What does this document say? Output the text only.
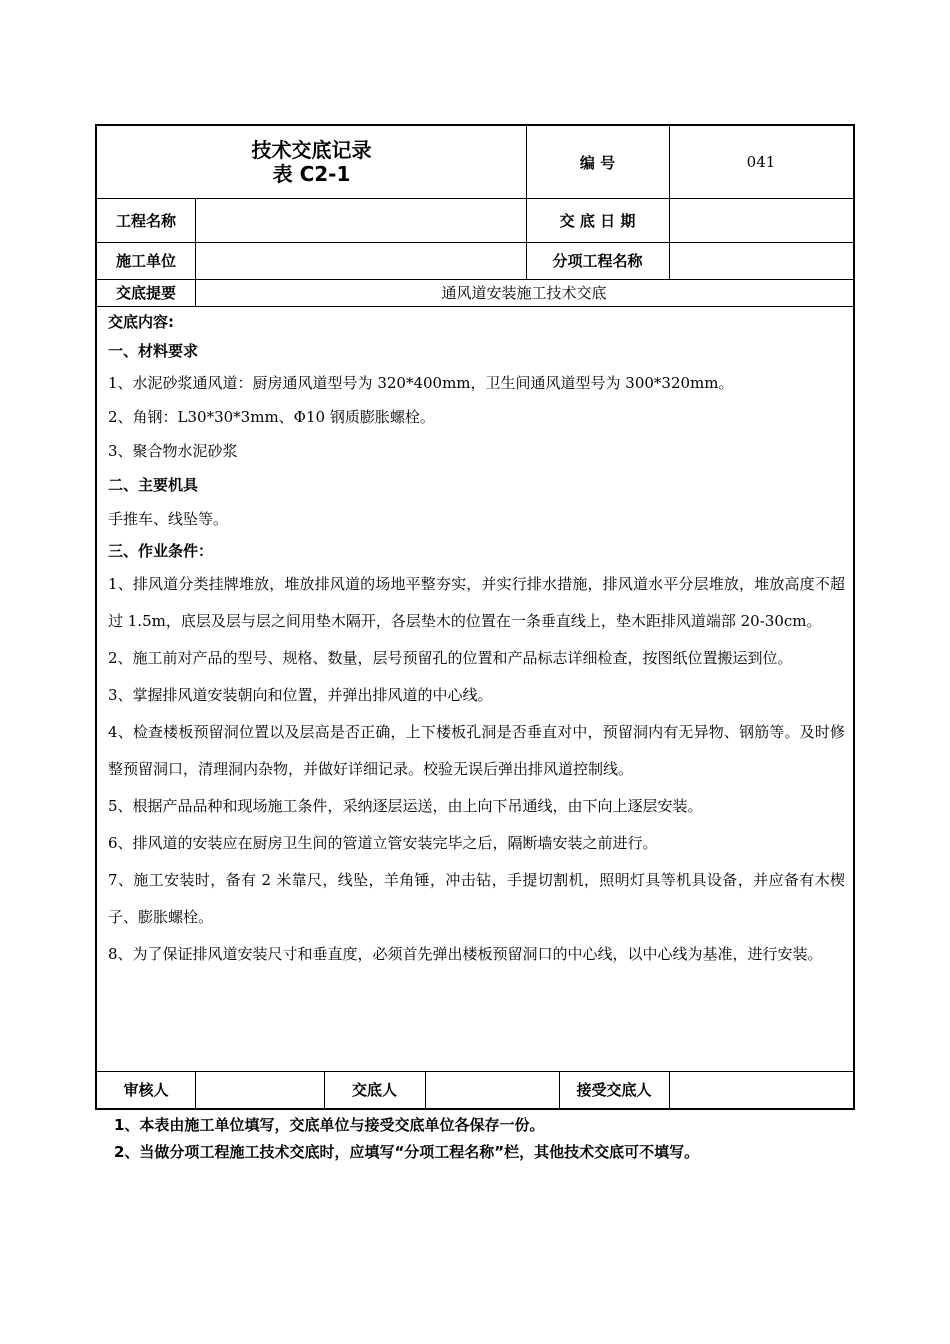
技术交底记录
表 C2-1	编 号	041
工程名称	交 底 日 期
施工单位	分项工程名称
交底提要	通风道安装施工技术交底
交底内容:
一、材料要求
1、水泥砂浆通风道：厨房通风道型号为 320*400mm，卫生间通风道型号为 300*320mm。
2、角钢：L30*30*3mm、Φ10 钢质膨胀螺栓。
3、聚合物水泥砂浆
二、主要机具
手推车、线坠等。
三、作业条件：
1、排风道分类挂牌堆放，堆放排风道的场地平整夯实，并实行排水措施，排风道水平分层堆放，堆放高度不超过 1.5m，底层及层与层之间用垫木隔开，各层垫木的位置在一条垂直线上，垫木距排风道端部 20-30cm。
2、施工前对产品的型号、规格、数量，层号预留孔的位置和产品标志详细检查，按图纸位置搬运到位。
3、掌握排风道安装朝向和位置，并弹出排风道的中心线。
4、检查楼板预留洞位置以及层高是否正确，上下楼板孔洞是否垂直对中，预留洞内有无异物、钢筋等。及时修整预留洞口，清理洞内杂物，并做好详细记录。校验无误后弹出排风道控制线。
5、根据产品品种和现场施工条件，采纳逐层运送，由上向下吊通线，由下向上逐层安装。
6、排风道的安装应在厨房卫生间的管道立管安装完毕之后，隔断墙安装之前进行。
7、施工安装时，备有 2 米靠尺，线坠，羊角锤，冲击钻，手提切割机，照明灯具等机具设备，并应备有木楔子、膨胀螺栓。
8、为了保证排风道安装尺寸和垂直度，必须首先弹出楼板预留洞口的中心线，以中心线为基准，进行安装。
审核人	交底人	接受交底人
1、本表由施工单位填写，交底单位与接受交底单位各保存一份。
2、当做分项工程施工技术交底时，应填写“分项工程名称”栏，其他技术交底可不填写。
